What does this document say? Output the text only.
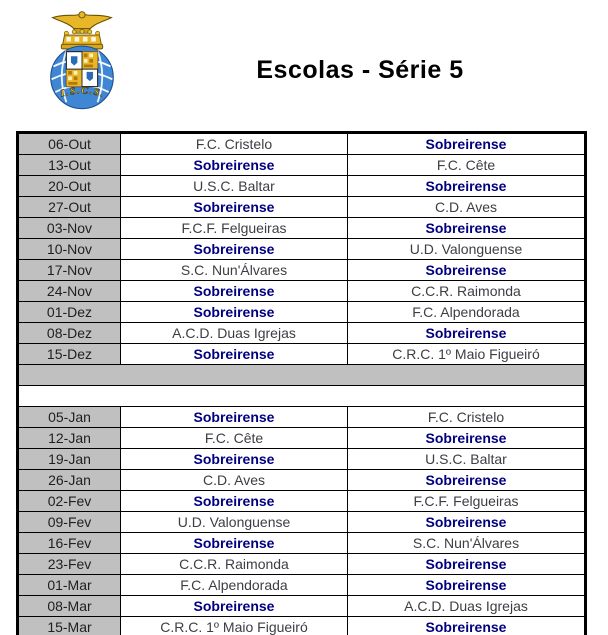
I.S.C.S.
Escolas - Série 5
06-Out	F.C. Cristelo	Sobreirense
13-Out	Sobreirense	F.C. Cête
20-Out	U.S.C. Baltar	Sobreirense
27-Out	Sobreirense	C.D. Aves
03-Nov	F.C.F. Felgueiras	Sobreirense
10-Nov	Sobreirense	U.D. Valonguense
17-Nov	S.C. Nun'Álvares	Sobreirense
24-Nov	Sobreirense	C.C.R. Raimonda
01-Dez	Sobreirense	F.C. Alpendorada
08-Dez	A.C.D. Duas Igrejas	Sobreirense
15-Dez	Sobreirense	C.R.C. 1º Maio Figueiró

05-Jan	Sobreirense	F.C. Cristelo
12-Jan	F.C. Cête	Sobreirense
19-Jan	Sobreirense	U.S.C. Baltar
26-Jan	C.D. Aves	Sobreirense
02-Fev	Sobreirense	F.C.F. Felgueiras
09-Fev	U.D. Valonguense	Sobreirense
16-Fev	Sobreirense	S.C. Nun'Álvares
23-Fev	C.C.R. Raimonda	Sobreirense
01-Mar	F.C. Alpendorada	Sobreirense
08-Mar	Sobreirense	A.C.D. Duas Igrejas
15-Mar	C.R.C. 1º Maio Figueiró	Sobreirense
